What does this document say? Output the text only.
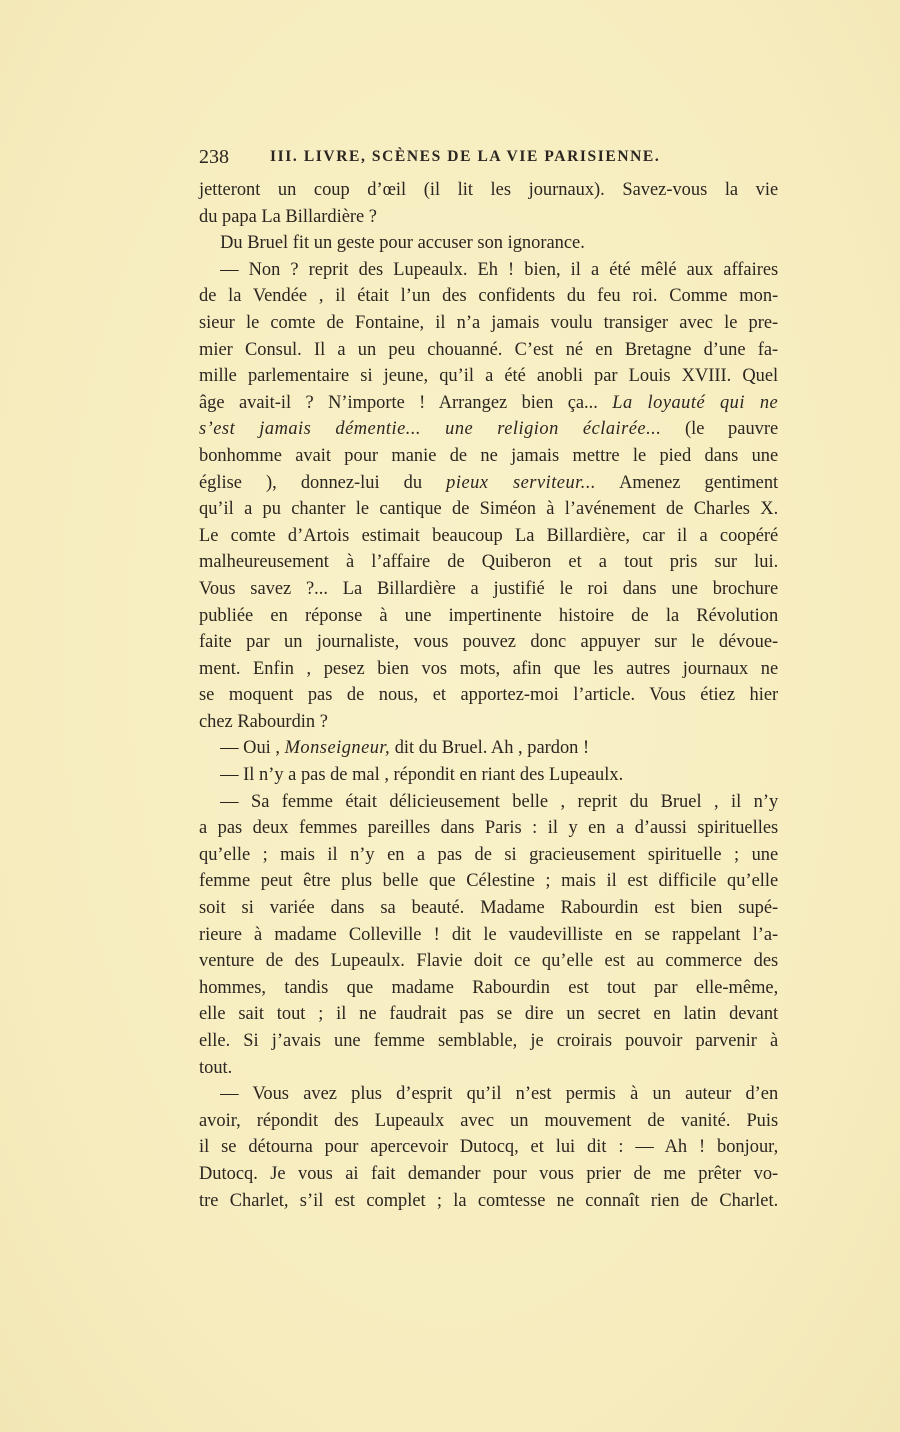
238	III. LIVRE, SCÈNES DE LA VIE PARISIENNE.
jetteront un coup d’œil (il lit les journaux). Savez-vous la vie
du papa La Billardière ?
Du Bruel fit un geste pour accuser son ignorance.
— Non ? reprit des Lupeaulx. Eh ! bien, il a été mêlé aux affaires
de la Vendée , il était l’un des confidents du feu roi. Comme mon-
sieur le comte de Fontaine, il n’a jamais voulu transiger avec le pre-
mier Consul. Il a un peu chouanné. C’est né en Bretagne d’une fa-
mille parlementaire si jeune, qu’il a été anobli par Louis XVIII. Quel
âge avait-il ? N’importe ! Arrangez bien ça... La loyauté qui ne
s’est jamais démentie... une religion éclairée... (le pauvre
bonhomme avait pour manie de ne jamais mettre le pied dans une
église ), donnez-lui du pieux serviteur... Amenez gentiment
qu’il a pu chanter le cantique de Siméon à l’avénement de Charles X.
Le comte d’Artois estimait beaucoup La Billardière, car il a coopéré
malheureusement à l’affaire de Quiberon et a tout pris sur lui.
Vous savez ?... La Billardière a justifié le roi dans une brochure
publiée en réponse à une impertinente histoire de la Révolution
faite par un journaliste, vous pouvez donc appuyer sur le dévoue-
ment. Enfin , pesez bien vos mots, afin que les autres journaux ne
se moquent pas de nous, et apportez-moi l’article. Vous étiez hier
chez Rabourdin ?
— Oui , Monseigneur, dit du Bruel. Ah , pardon !
— Il n’y a pas de mal , répondit en riant des Lupeaulx.
— Sa femme était délicieusement belle , reprit du Bruel , il n’y
a pas deux femmes pareilles dans Paris : il y en a d’aussi spirituelles
qu’elle ; mais il n’y en a pas de si gracieusement spirituelle ; une
femme peut être plus belle que Célestine ; mais il est difficile qu’elle
soit si variée dans sa beauté. Madame Rabourdin est bien supé-
rieure à madame Colleville ! dit le vaudevilliste en se rappelant l’a-
venture de des Lupeaulx. Flavie doit ce qu’elle est au commerce des
hommes, tandis que madame Rabourdin est tout par elle-même,
elle sait tout ; il ne faudrait pas se dire un secret en latin devant
elle. Si j’avais une femme semblable, je croirais pouvoir parvenir à
tout.
— Vous avez plus d’esprit qu’il n’est permis à un auteur d’en
avoir, répondit des Lupeaulx avec un mouvement de vanité. Puis
il se détourna pour apercevoir Dutocq, et lui dit : — Ah ! bonjour,
Dutocq. Je vous ai fait demander pour vous prier de me prêter vo-
tre Charlet, s’il est complet ; la comtesse ne connaît rien de Charlet.
